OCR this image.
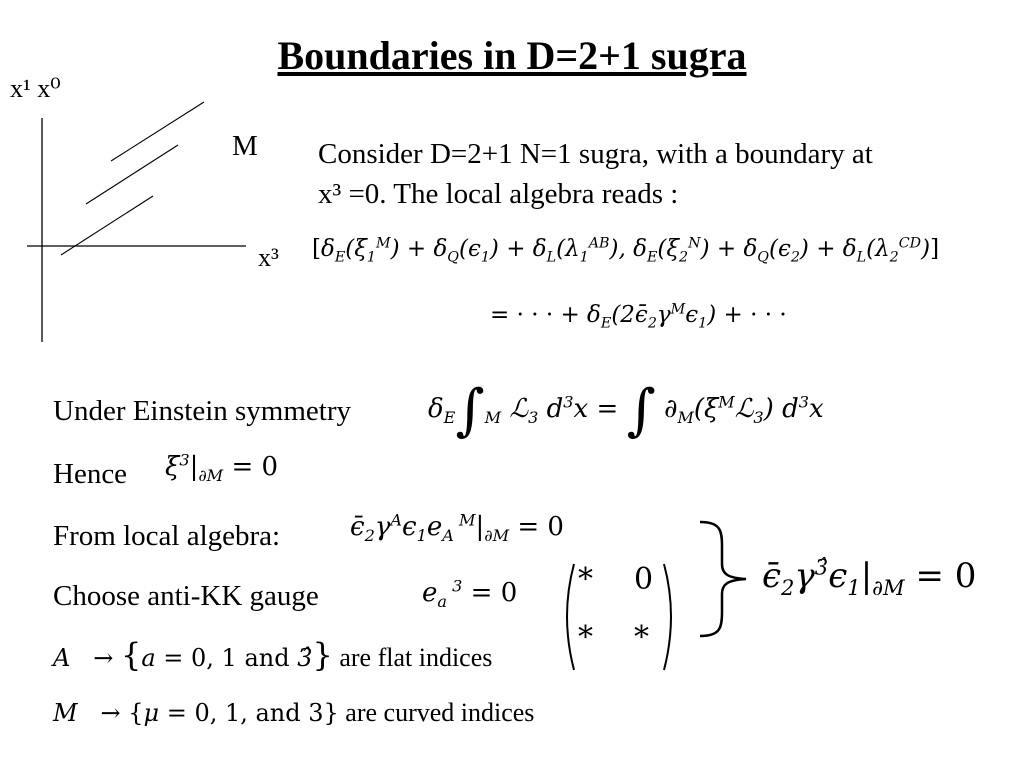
Boundaries in D=2+1 sugra
x¹ x⁰
M
x³
Consider D=2+1 N=1 sugra, with a boundary at
x³ =0. The local algebra reads :
[$\delta_E(\xi_1^M) + \delta_Q(\epsilon_1) + \delta_L(\lambda_1^{AB})$, $\delta_E(\xi_2^N) + \delta_Q(\epsilon_2) + \delta_L(\lambda_2^{CD})$]
= · · · + $\delta_E(2\epsilon̄_2\gamma^M\epsilon_1)$ + · · ·
Under Einstein symmetry	$\delta_E\int_M$ ℒ$_3$ $d^3x$ = ∫ $\partial_M(\xi^Mℒ_3)$ $d^3x$
Hence $\xi^3|_{\partial M} = 0$
From local algebra:	$\epsilon̄_2\gamma^A\epsilon_1e_A$ $^M|_{\partial M} = 0$
Choose anti-KK gauge	$e_a$ $^3$ = 0 * 0
* *
$\epsilon̄_2\gamma^{3̂}\epsilon_1|_{\partial M} = 0$
A   → {a = 0, 1 and 3̂} are flat indices
M   → {μ = 0, 1, and 3} are curved indices
